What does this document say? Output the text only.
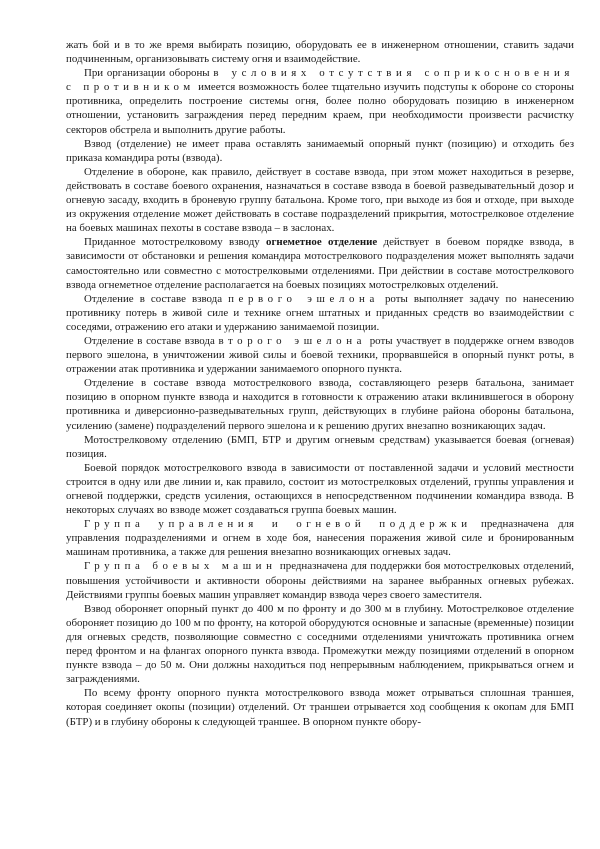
жать бой и в то же время выбирать позицию, оборудовать ее в инженерном отношении, ставить задачи подчиненным, организовывать систему огня и взаимодействие.

При организации обороны в условиях отсутствия соприкосновения с противником имеется возможность более тщательно изучить подступы к обороне со стороны противника, определить построение системы огня, более полно оборудовать позицию в инженерном отношении, установить заграждения перед передним краем, при необходимости произвести расчистку секторов обстрела и выполнить другие работы.

Взвод (отделение) не имеет права оставлять занимаемый опорный пункт (позицию) и отходить без приказа командира роты (взвода).

Отделение в обороне, как правило, действует в составе взвода, при этом может находиться в резерве, действовать в составе боевого охранения, назначаться в составе взвода в боевой разведывательный дозор и огневую засаду, входить в броневую группу батальона. Кроме того, при выходе из боя и отходе, при выходе из окружения отделение может действовать в составе подразделений прикрытия, мотострелковое отделение на боевых машинах пехоты в составе взвода – в заслонах.

Приданное мотострелковому взводу огнеметное отделение действует в боевом порядке взвода, в зависимости от обстановки и решения командира мотострелкового подразделения может выполнять задачи самостоятельно или совместно с мотострелковыми отделениями. При действии в составе мотострелкового взвода огнеметное отделение располагается на боевых позициях мотострелковых отделений.

Отделение в составе взвода первого эшелона роты выполняет задачу по нанесению противнику потерь в живой силе и технике огнем штатных и приданных средств во взаимодействии с соседями, отражению его атаки и удержанию занимаемой позиции.

Отделение в составе взвода второго эшелона роты участвует в поддержке огнем взводов первого эшелона, в уничтожении живой силы и боевой техники, прорвавшейся в опорный пункт роты, в отражении атак противника и удержании занимаемого опорного пункта.

Отделение в составе взвода мотострелкового взвода, составляющего резерв батальона, занимает позицию в опорном пункте взвода и находится в готовности к отражению атаки вклинившегося в оборону противника и диверсионно-разведывательных групп, действующих в глубине района обороны батальона, усилению (замене) подразделений первого эшелона и к решению других внезапно возникающих задач.

Мотострелковому отделению (БМП, БТР и другим огневым средствам) указывается боевая (огневая) позиция.

Боевой порядок мотострелкового взвода в зависимости от поставленной задачи и условий местности строится в одну или две линии и, как правило, состоит из мотострелковых отделений, группы управления и огневой поддержки, средств усиления, остающихся в непосредственном подчинении командира взвода. В некоторых случаях во взводе может создаваться группа боевых машин.

Группа управления и огневой поддержки предназначена для управления подразделениями и огнем в ходе боя, нанесения поражения живой силе и бронированным машинам противника, а также для решения внезапно возникающих огневых задач.

Группа боевых машин предназначена для поддержки боя мотострелковых отделений, повышения устойчивости и активности обороны действиями на заранее выбранных огневых рубежах. Действиями группы боевых машин управляет командир взвода через своего заместителя.

Взвод обороняет опорный пункт до 400 м по фронту и до 300 м в глубину. Мотострелковое отделение обороняет позицию до 100 м по фронту, на которой оборудуются основные и запасные (временные) позиции для огневых средств, позволяющие совместно с соседними отделениями уничтожать противника огнем перед фронтом и на флангах опорного пункта взвода. Промежутки между позициями отделений в опорном пункте взвода – до 50 м. Они должны находиться под непрерывным наблюдением, прикрываться огнем и заграждениями.

По всему фронту опорного пункта мотострелкового взвода может отрываться сплошная траншея, которая соединяет окопы (позиции) отделений. От траншеи отрывается ход сообщения к окопам для БМП (БТР) и в глубину обороны к следующей траншее. В опорном пункте обору-
